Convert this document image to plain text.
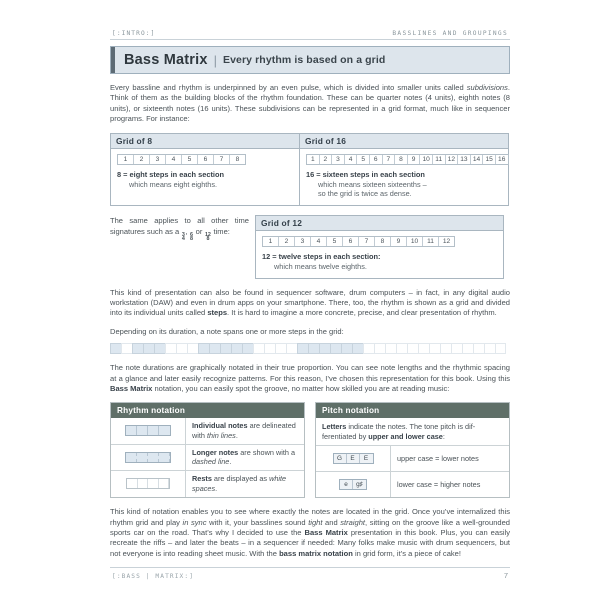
[:INTRO:]	BASSLINES AND GROUPINGS
Bass Matrix | Every rhythm is based on a grid

Every bassline and rhythm is underpinned by an even pulse, which is divided into smaller units called subdivisions. Think of them as the building blocks of the rhythm foundation. These can be quarter notes (4 units), eighth notes (8 units), or sixteenth notes (16 units). These subdivisions can be represented in a grid format, much like in sequencer programs. For instance:

Grid of 8
1	2	3	4	5	6	7	8
8 = eight steps in each section
which means eight eighths.
Grid of 16
1	2	3	4	5	6	7	8	9	10 11 12 13 14 15 16
16 = sixteen steps in each section
which means sixteen sixteenths –
so the grid is twice as dense.
The same applies to all other time signatures such as a 3
4
, 6
8
or 12
8
time:
Grid of 12
1	2	3	4	5	6	7	8	9	10	11	12
12 = twelve steps in each section:
which means twelve eighths.

This kind of presentation can also be found in sequencer software, drum computers – in fact, in any digital audio workstation (DAW) and even in drum apps on your smartphone. There, too, the rhythm is shown as a grid and divided into its individual units called steps. It is hard to imagine a more concrete, precise, and clear presentation of rhythm.

Depending on its duration, a note spans one or more steps in the grid:

The note durations are graphically notated in their true proportion. You can see note lengths and the rhythmic spacing at a glance and later easily recognize patterns. For this reason, I’ve chosen this representation for this book. Using this Bass Matrix notation, you can easily spot the groove, no matter how skilled you are at reading music:

Rhythm notation
Individual notes are delineated with thin lines.
Longer notes are shown with a dashed line.
Rests are displayed as white spaces.
Pitch notation
Letters indicate the notes. The tone pitch is dif-ferentiated by upper and lower case:
G	E	E	upper case = lower notes
e	g♯	lower case = higher notes

This kind of notation enables you to see where exactly the notes are located in the grid. Once you’ve internalized this rhythm grid and play in sync with it, your basslines sound tight and straight, sitting on the groove like a well-grounded sports car on the road. That’s why I decided to use the Bass Matrix presentation in this book. Plus, you can easily recreate the riffs – and later the beats – in a sequencer if needed: Many folks make music with drum sequencers, but not everyone is into reading sheet music. With the bass matrix notation in grid form, it’s a piece of cake!

[:BASS | MATRIX:]	7
